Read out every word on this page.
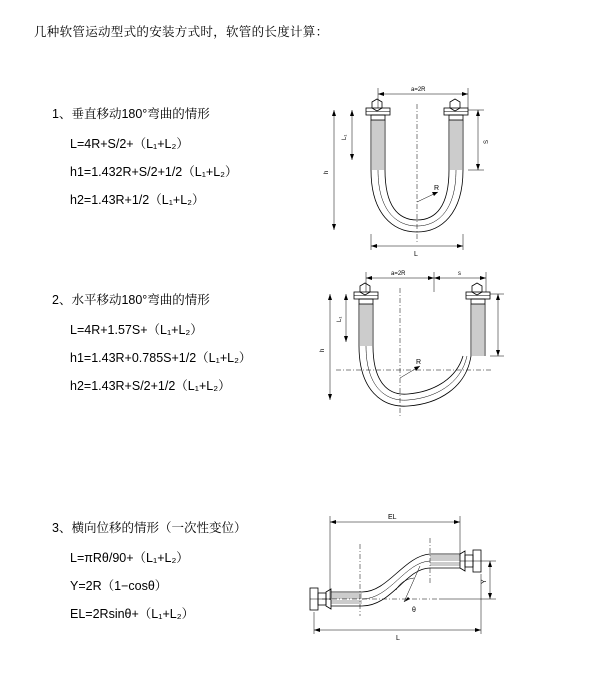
几种软管运动型式的安装方式时，软管的长度计算：
1、垂直移动180°弯曲的情形
L=4R+S/2+（L₁+L₂）
h1=1.432R+S/2+1/2（L₁+L₂）
h2=1.43R+1/2（L₁+L₂）
a=2R
h
L₁
R
L
S
2、水平移动180°弯曲的情形
L=4R+1.57S+（L₁+L₂）
h1=1.43R+0.785S+1/2（L₁+L₂）
h2=1.43R+S/2+1/2（L₁+L₂）
a=2R	s
h
L₁
R
3、横向位移的情形（一次性变位）
L=πRθ/90+（L₁+L₂）
Y=2R（1−cosθ）
EL=2Rsinθ+（L₁+L₂）
EL
θ
Y
L
